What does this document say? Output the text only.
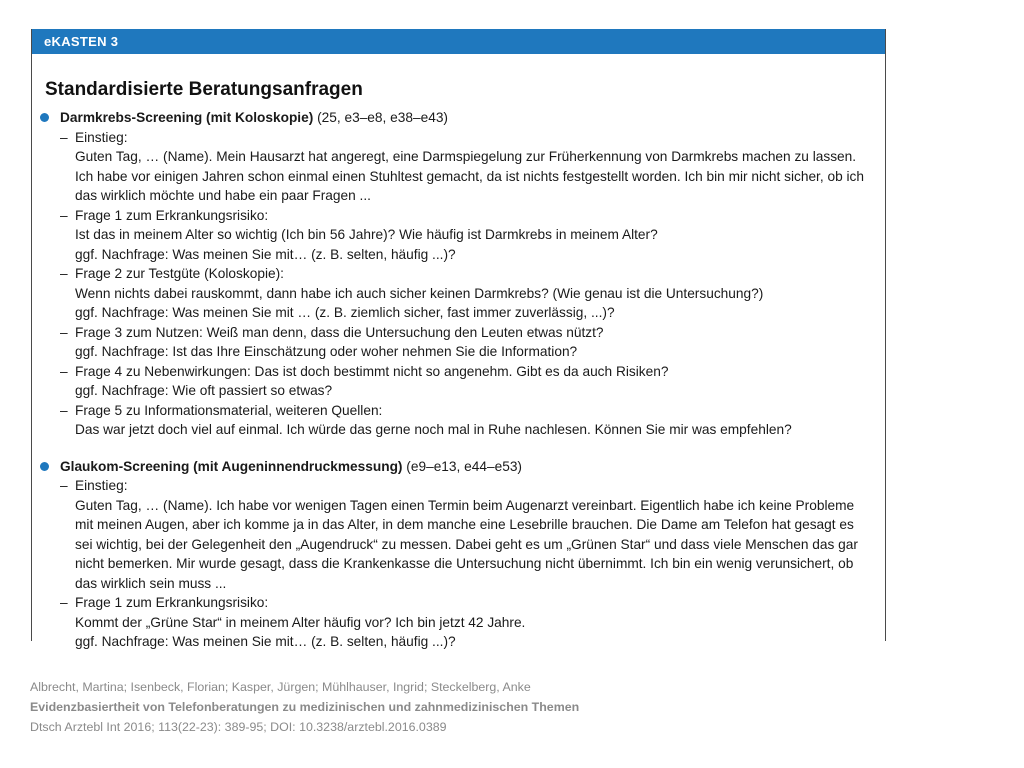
eKASTEN 3
Standardisierte Beratungsanfragen
Darmkrebs-Screening (mit Koloskopie) (25, e3–e8, e38–e43)
– Einstieg:

Guten Tag, … (Name). Mein Hausarzt hat angeregt, eine Darmspiegelung zur Früherkennung von Darmkrebs machen zu lassen. Ich habe vor einigen Jahren schon einmal einen Stuhltest gemacht, da ist nichts festgestellt worden. Ich bin mir nicht sicher, ob ich das wirklich möchte und habe ein paar Fragen ...

– Frage 1 zum Erkrankungsrisiko:

Ist das in meinem Alter so wichtig (Ich bin 56 Jahre)? Wie häufig ist Darmkrebs in meinem Alter?

ggf. Nachfrage: Was meinen Sie mit… (z. B. selten, häufig ...)?

– Frage 2 zur Testgüte (Koloskopie):

Wenn nichts dabei rauskommt, dann habe ich auch sicher keinen Darmkrebs? (Wie genau ist die Untersuchung?)

ggf. Nachfrage: Was meinen Sie mit … (z. B. ziemlich sicher, fast immer zuverlässig, ...)?

– Frage 3 zum Nutzen: Weiß man denn, dass die Untersuchung den Leuten etwas nützt?

ggf. Nachfrage: Ist das Ihre Einschätzung oder woher nehmen Sie die Information?

– Frage 4 zu Nebenwirkungen: Das ist doch bestimmt nicht so angenehm. Gibt es da auch Risiken?

ggf. Nachfrage: Wie oft passiert so etwas?

– Frage 5 zu Informationsmaterial, weiteren Quellen:

Das war jetzt doch viel auf einmal. Ich würde das gerne noch mal in Ruhe nachlesen. Können Sie mir was empfehlen?

Glaukom-Screening (mit Augeninnendruckmessung) (e9–e13, e44–e53)
– Einstieg:

Guten Tag, … (Name). Ich habe vor wenigen Tagen einen Termin beim Augenarzt vereinbart. Eigentlich habe ich keine Probleme mit meinen Augen, aber ich komme ja in das Alter, in dem manche eine Lesebrille brauchen. Die Dame am Telefon hat gesagt es sei wichtig, bei der Gelegenheit den „Augendruck“ zu messen. Dabei geht es um „Grünen Star“ und dass viele Menschen das gar nicht bemerken. Mir wurde gesagt, dass die Krankenkasse die Untersuchung nicht übernimmt. Ich bin ein wenig verunsichert, ob das wirklich sein muss ...

– Frage 1 zum Erkrankungsrisiko:

Kommt der „Grüne Star“ in meinem Alter häufig vor? Ich bin jetzt 42 Jahre.

ggf. Nachfrage: Was meinen Sie mit… (z. B. selten, häufig ...)?

Albrecht, Martina; Isenbeck, Florian; Kasper, Jürgen; Mühlhauser, Ingrid; Steckelberg, Anke
Evidenzbasiertheit von Telefonberatungen zu medizinischen und zahnmedizinischen Themen
Dtsch Arztebl Int 2016; 113(22-23): 389-95; DOI: 10.3238/arztebl.2016.0389
